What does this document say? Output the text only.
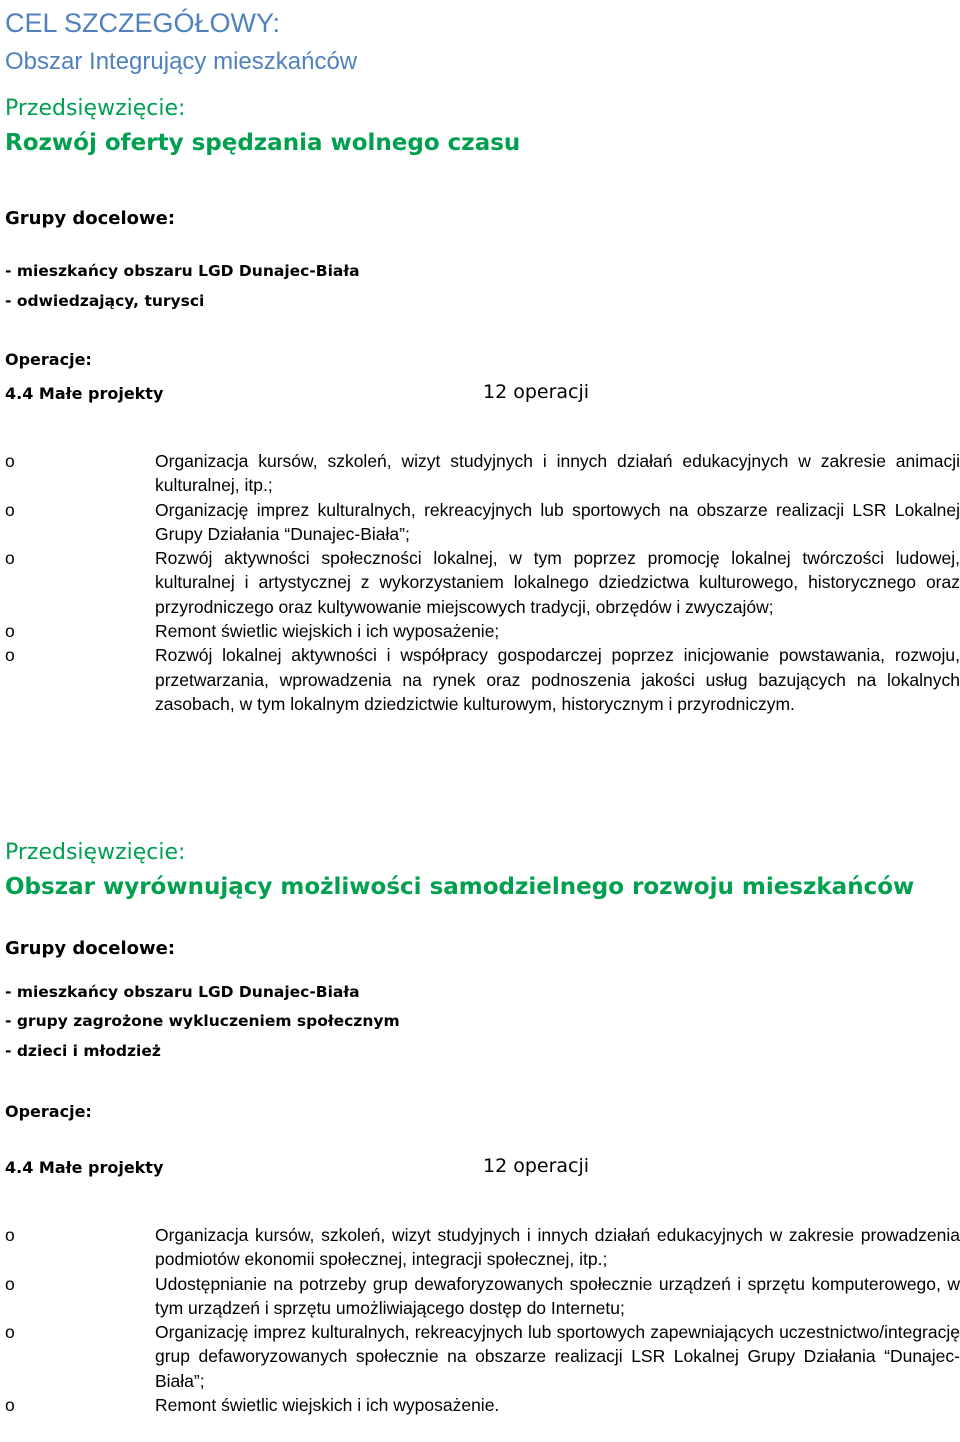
CEL SZCZEGÓŁOWY:
Obszar Integrujący mieszkańców
Przedsięwzięcie:
Rozwój oferty spędzania wolnego czasu
Grupy docelowe:
- mieszkańcy obszaru LGD Dunajec-Biała
- odwiedzający, turysci
Operacje:
4.4 Małe projekty	12 operacji
o	Organizacja kursów, szkoleń, wizyt studyjnych i innych działań edukacyjnych w zakresie animacji kulturalnej, itp.;
o	Organizację imprez kulturalnych, rekreacyjnych lub sportowych na obszarze realizacji LSR Lokalnej Grupy Działania “Dunajec-Biała”;
o	Rozwój aktywności społeczności lokalnej, w tym poprzez promocję lokalnej twórczości ludowej, kulturalnej i artystycznej z wykorzystaniem lokalnego dziedzictwa kulturowego, historycznego oraz przyrodniczego oraz kultywowanie miejscowych tradycji, obrzędów i zwyczajów;
o	Remont świetlic wiejskich i ich wyposażenie;
o	Rozwój lokalnej aktywności i współpracy gospodarczej poprzez inicjowanie powstawania, rozwoju, przetwarzania, wprowadzenia na rynek oraz podnoszenia jakości usług bazujących na lokalnych zasobach, w tym lokalnym dziedzictwie kulturowym, historycznym i przyrodniczym.
Przedsięwzięcie:
Obszar wyrównujący możliwości samodzielnego rozwoju mieszkańców
Grupy docelowe:
- mieszkańcy obszaru LGD Dunajec-Biała
- grupy zagrożone wykluczeniem społecznym
- dzieci i młodzież
Operacje:
4.4 Małe projekty	12 operacji
o	Organizacja kursów, szkoleń, wizyt studyjnych i innych działań edukacyjnych w zakresie prowadzenia podmiotów ekonomii społecznej, integracji społecznej, itp.;
o	Udostępnianie na potrzeby grup dewaforyzowanych społecznie urządzeń i sprzętu komputerowego, w tym urządzeń i sprzętu umożliwiającego dostęp do Internetu;
o	Organizację imprez kulturalnych, rekreacyjnych lub sportowych zapewniających uczestnictwo/integrację grup defaworyzowanych społecznie na obszarze realizacji LSR Lokalnej Grupy Działania “Dunajec-Biała”;
o	Remont świetlic wiejskich i ich wyposażenie.
